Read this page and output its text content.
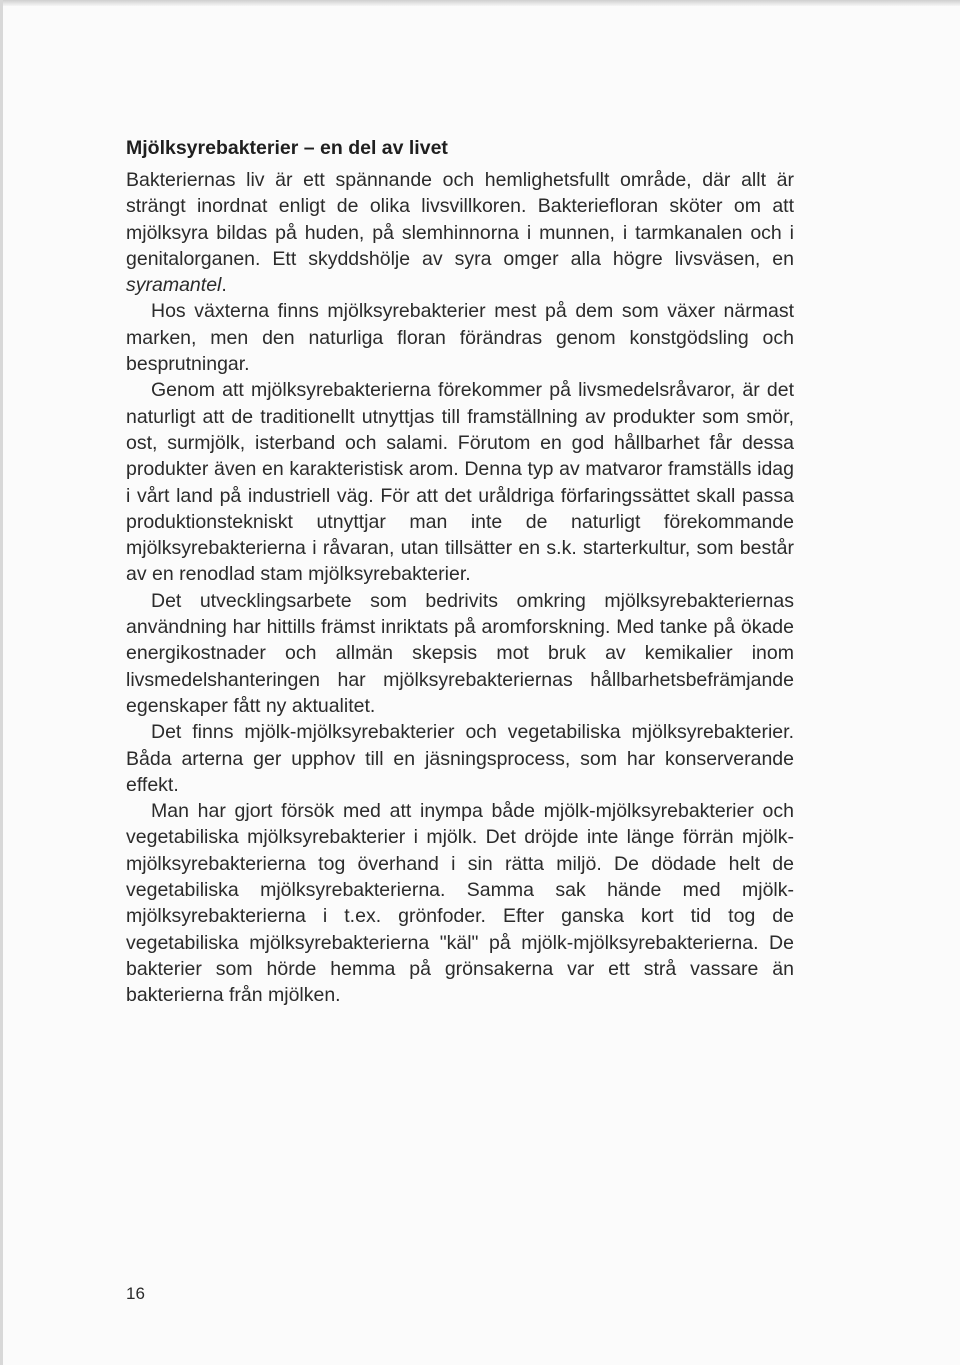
Mjölksyrebakterier – en del av livet

Bakteriernas liv är ett spännande och hemlighetsfullt område, där allt är strängt inordnat enligt de olika livsvillkoren. Bakteriefloran sköter om att mjölksyra bildas på huden, på slemhinnorna i munnen, i tarmkanalen och i genitalorganen. Ett skyddshölje av syra omger alla högre livsväsen, en syramantel.

Hos växterna finns mjölksyrebakterier mest på dem som växer närmast marken, men den naturliga floran förändras genom konstgödsling och besprutningar.

Genom att mjölksyrebakterierna förekommer på livsmedelsråvaror, är det naturligt att de traditionellt utnyttjas till framställning av produkter som smör, ost, surmjölk, isterband och salami. Förutom en god hållbarhet får dessa produkter även en karakteristisk arom. Denna typ av matvaror framställs idag i vårt land på industriell väg. För att det uråldriga förfaringssättet skall passa produktionstekniskt utnyttjar man inte de naturligt förekommande mjölksyrebakterierna i råvaran, utan tillsätter en s.k. starterkultur, som består av en renodlad stam mjölksyrebakterier.

Det utvecklingsarbete som bedrivits omkring mjölksyrebakteriernas användning har hittills främst inriktats på aromforskning. Med tanke på ökade energikostnader och allmän skepsis mot bruk av kemikalier inom livsmedelshanteringen har mjölksyrebakteriernas hållbarhetsbefrämjande egenskaper fått ny aktualitet.

Det finns mjölk-mjölksyrebakterier och vegetabiliska mjölksyrebakterier. Båda arterna ger upphov till en jäsningsprocess, som har konserverande effekt.

Man har gjort försök med att inympa både mjölk-mjölksyrebakterier och vegetabiliska mjölksyrebakterier i mjölk. Det dröjde inte länge förrän mjölk-mjölksyrebakterierna tog överhand i sin rätta miljö. De dödade helt de vegetabiliska mjölksyrebakterierna. Samma sak hände med mjölk-mjölksyrebakterierna i t.ex. grönfoder. Efter ganska kort tid tog de vegetabiliska mjölksyrebakterierna "käl" på mjölk-mjölksyrebakterierna. De bakterier som hörde hemma på grönsakerna var ett strå vassare än bakterierna från mjölken.

16
